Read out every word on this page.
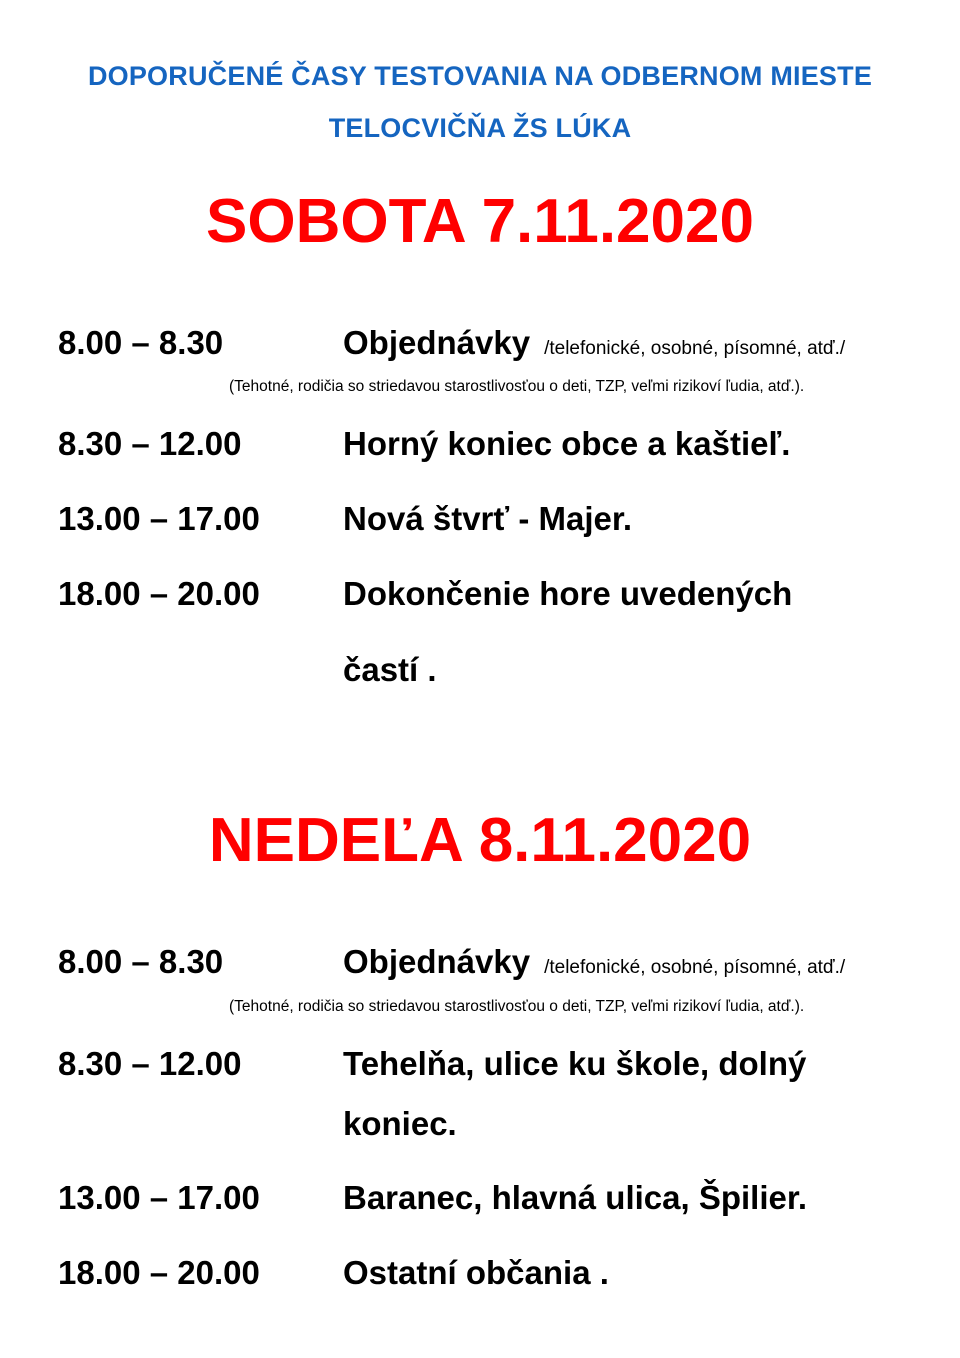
DOPORUČENÉ ČASY TESTOVANIA NA ODBERNOM MIESTE
TELOCVIČŇA ŽS LÚKA
SOBOTA 7.11.2020
8.00 – 8.30	Objednávky /telefonické, osobné, písomné, atď./
(Tehotné, rodičia so striedavou starostlivosťou o deti, TZP, veľmi rizikoví ľudia, atď.).
8.30 – 12.00	Horný koniec obce a kaštieľ.
13.00 – 17.00	Nová štvrť - Majer.
18.00 – 20.00	Dokončenie hore uvedených
častí .
NEDEĽA 8.11.2020
8.00 – 8.30	Objednávky /telefonické, osobné, písomné, atď./
(Tehotné, rodičia so striedavou starostlivosťou o deti, TZP, veľmi rizikoví ľudia, atď.).
8.30 – 12.00	Tehelňa, ulice ku škole, dolný
koniec.
13.00 – 17.00	Baranec, hlavná ulica, Špilier.
18.00 – 20.00	Ostatní občania .
